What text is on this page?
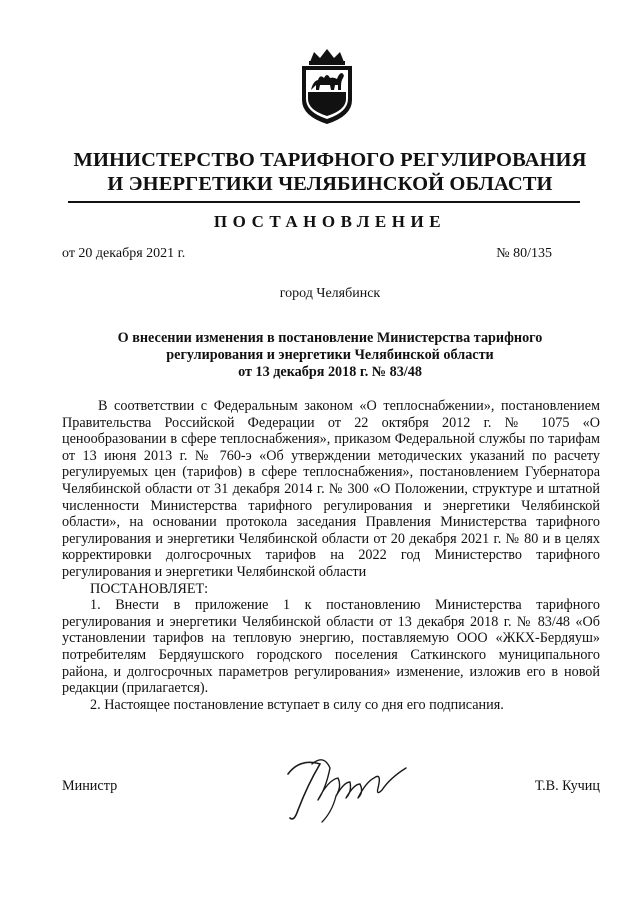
МИНИСТЕРСТВО ТАРИФНОГО РЕГУЛИРОВАНИЯ
И ЭНЕРГЕТИКИ ЧЕЛЯБИНСКОЙ ОБЛАСТИ
ПОСТАНОВЛЕНИЕ
от 20 декабря 2021 г.	№ 80/135
город Челябинск
О внесении изменения в постановление Министерства тарифного
регулирования и энергетики Челябинской области
от 13 декабря 2018 г. № 83/48

В соответствии с Федеральным законом «О теплоснабжении», постановлением Правительства Российской Федерации от 22 октября 2012 г. № 1075 «О ценообразовании в сфере теплоснабжения», приказом Федеральной службы по тарифам от 13 июня 2013 г. № 760-э «Об утверждении методических указаний по расчету регулируемых цен (тарифов) в сфере теплоснабжения», постановлением Губернатора Челябинской области от 31 декабря 2014 г. № 300 «О Положении, структуре и штатной численности Министерства тарифного регулирования и энергетики Челябинской области», на основании протокола заседания Правления Министерства тарифного регулирования и энергетики Челябинской области от 20 декабря 2021 г. № 80 и в целях корректировки долгосрочных тарифов на 2022 год Министерство тарифного регулирования и энергетики Челябинской области

ПОСТАНОВЛЯЕТ:

1. Внести в приложение 1 к постановлению Министерства тарифного регулирования и энергетики Челябинской области от 13 декабря 2018 г. № 83/48 «Об установлении тарифов на тепловую энергию, поставляемую ООО «ЖКХ-Бердяуш» потребителям Бердяушского городского поселения Саткинского муниципального района, и долгосрочных параметров регулирования» изменение, изложив его в новой редакции (прилагается).

2. Настоящее постановление вступает в силу со дня его подписания.

Министр	Т.В. Кучиц
